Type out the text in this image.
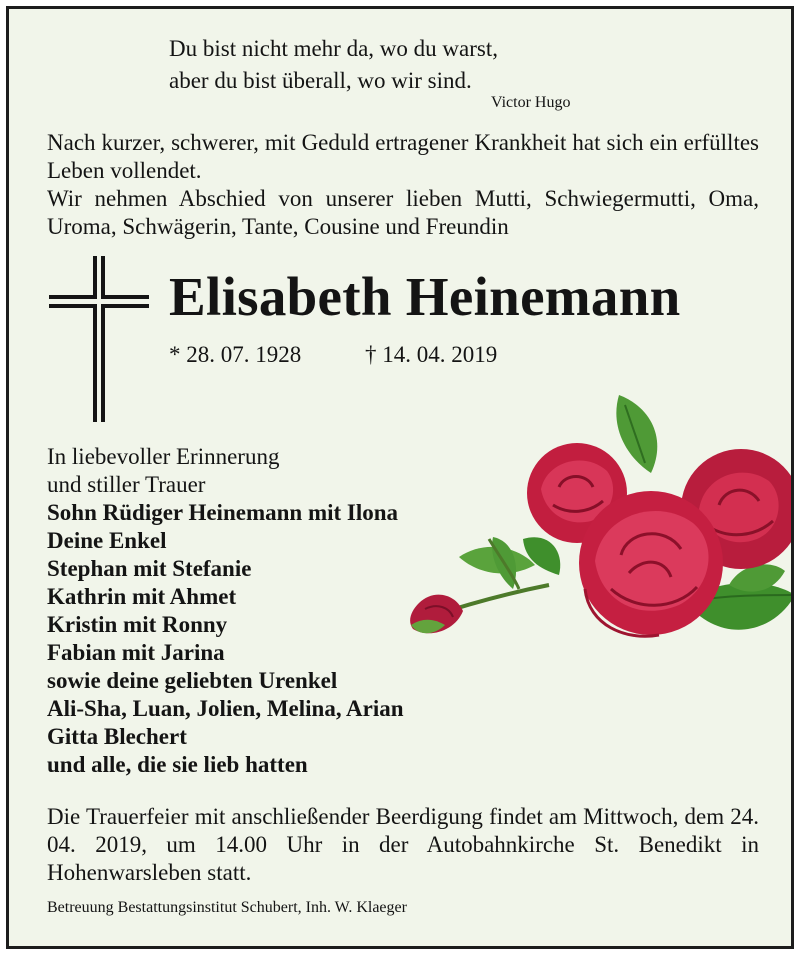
Du bist nicht mehr da, wo du warst,
aber du bist überall, wo wir sind.
Victor Hugo

Nach kurzer, schwerer, mit Geduld ertragener Krankheit hat sich ein erfülltes Leben vollendet.

Wir nehmen Abschied von unserer lieben Mutti, Schwiegermutti, Oma, Uroma, Schwägerin, Tante, Cousine und Freundin

Elisabeth Heinemann
* 28. 07. 1928	† 14. 04. 2019
In liebevoller Erinnerung
und stiller Trauer
Sohn Rüdiger Heinemann mit Ilona
Deine Enkel
Stephan mit Stefanie
Kathrin mit Ahmet
Kristin mit Ronny
Fabian mit Jarina
sowie deine geliebten Urenkel
Ali-Sha, Luan, Jolien, Melina, Arian
Gitta Blechert
und alle, die sie lieb hatten
Die Trauerfeier mit anschließender Beerdigung findet am Mittwoch, dem 24. 04. 2019, um 14.00 Uhr in der Autobahnkirche St. Benedikt in Hohenwarsleben statt.
Betreuung Bestattungsinstitut Schubert, Inh. W. Klaeger
